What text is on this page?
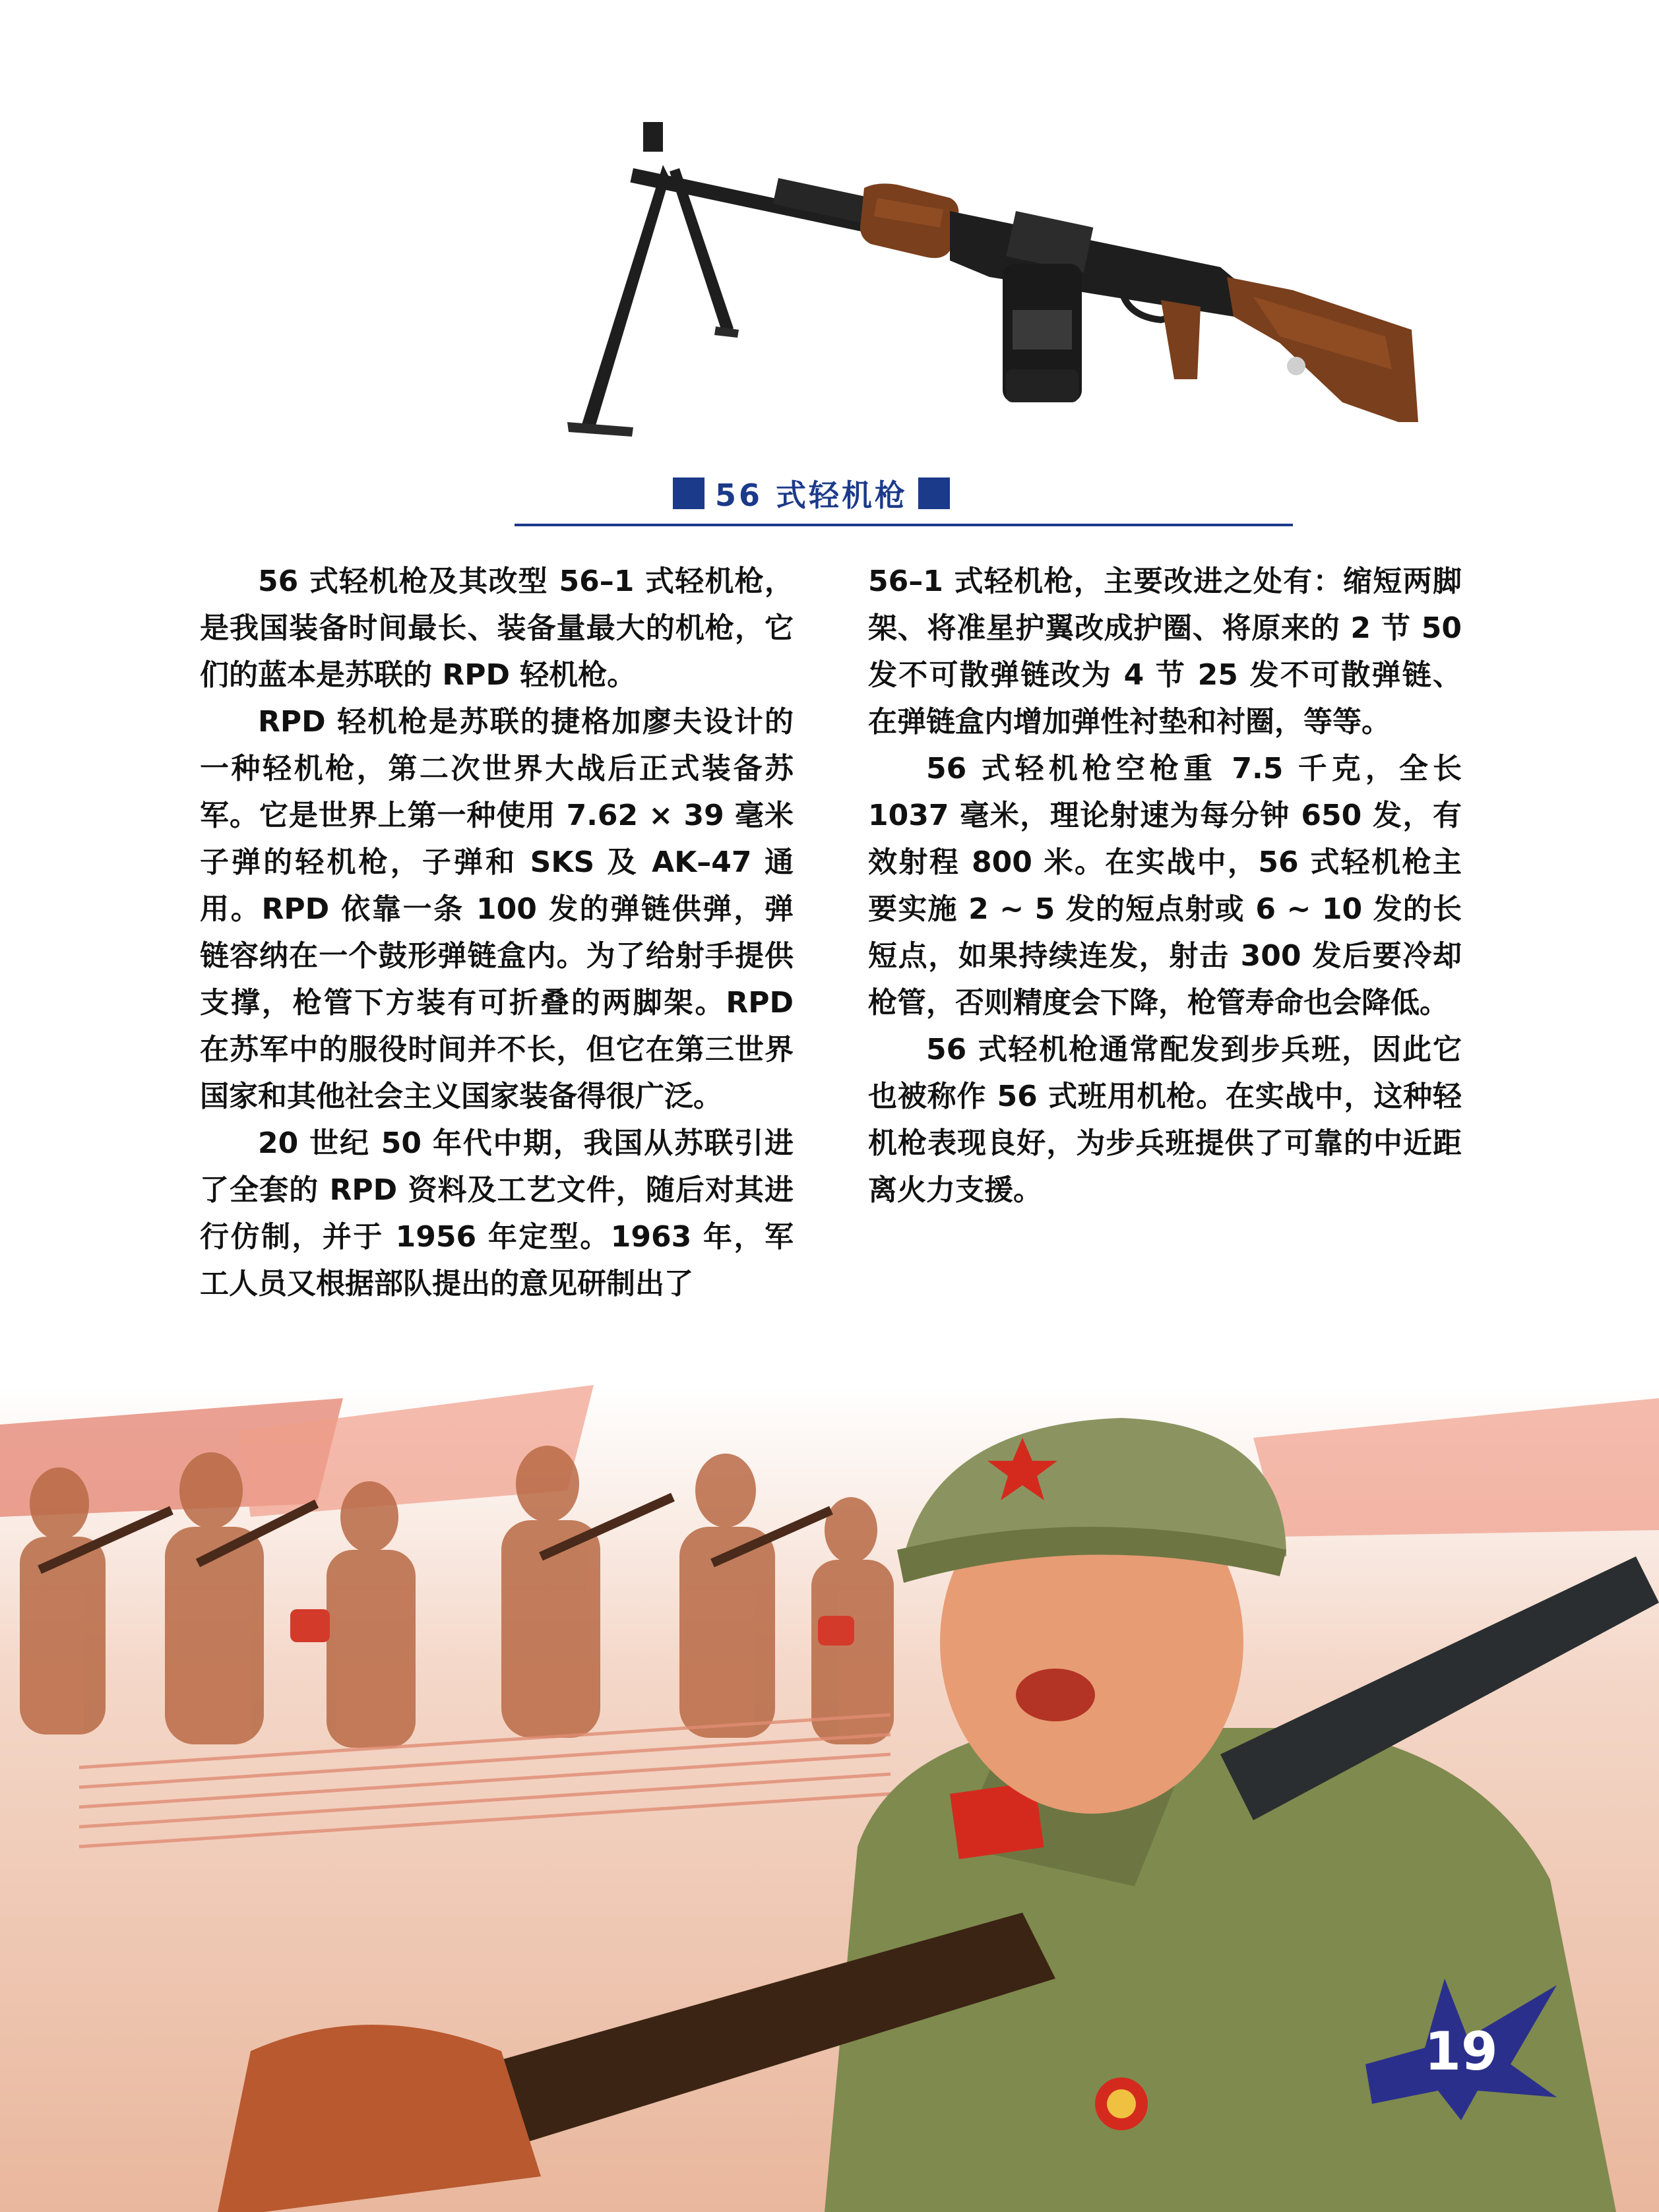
56 式轻机枪

56 式轻机枪及其改型 56–1 式轻机枪，是我国装备时间最长、装备量最大的机枪，它们的蓝本是苏联的 RPD 轻机枪。

RPD 轻机枪是苏联的捷格加廖夫设计的一种轻机枪，第二次世界大战后正式装备苏军。它是世界上第一种使用 7.62 × 39 毫米子弹的轻机枪，子弹和 SKS 及 AK–47 通用。RPD 依靠一条 100 发的弹链供弹，弹链容纳在一个鼓形弹链盒内。为了给射手提供支撑，枪管下方装有可折叠的两脚架。RPD 在苏军中的服役时间并不长，但它在第三世界国家和其他社会主义国家装备得很广泛。

20 世纪 50 年代中期，我国从苏联引进了全套的 RPD 资料及工艺文件，随后对其进行仿制，并于 1956 年定型。1963 年，军工人员又根据部队提出的意见研制出了

56–1 式轻机枪，主要改进之处有：缩短两脚架、将准星护翼改成护圈、将原来的 2 节 50 发不可散弹链改为 4 节 25 发不可散弹链、在弹链盒内增加弹性衬垫和衬圈，等等。

56 式轻机枪空枪重 7.5 千克，全长 1037 毫米，理论射速为每分钟 650 发，有效射程 800 米。在实战中，56 式轻机枪主要实施 2 ~ 5 发的短点射或 6 ~ 10 发的长短点，如果持续连发，射击 300 发后要冷却枪管，否则精度会下降，枪管寿命也会降低。

56 式轻机枪通常配发到步兵班，因此它也被称作 56 式班用机枪。在实战中，这种轻机枪表现良好，为步兵班提供了可靠的中近距离火力支援。

19
